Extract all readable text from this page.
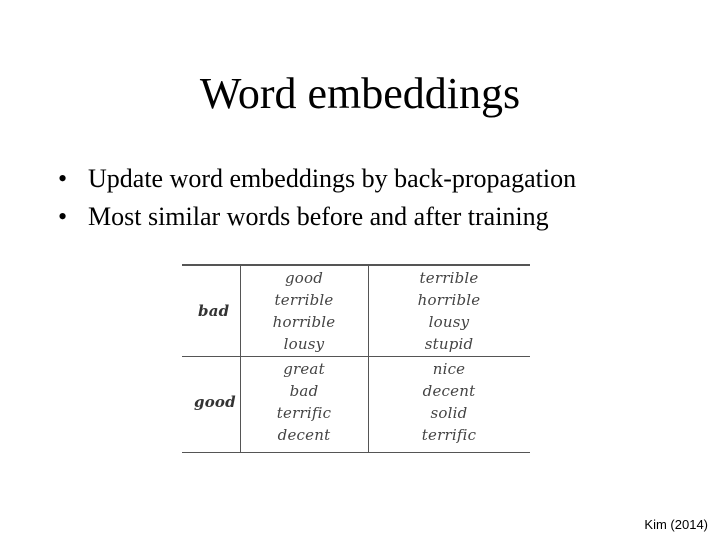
Word embeddings
• Update word embeddings by back-propagation
• Most similar words before and after training
bad
good
terrible
horrible
lousy
terrible
horrible
lousy
stupid
good
great
bad
terrific
decent
nice
decent
solid
terrific
Kim (2014)
